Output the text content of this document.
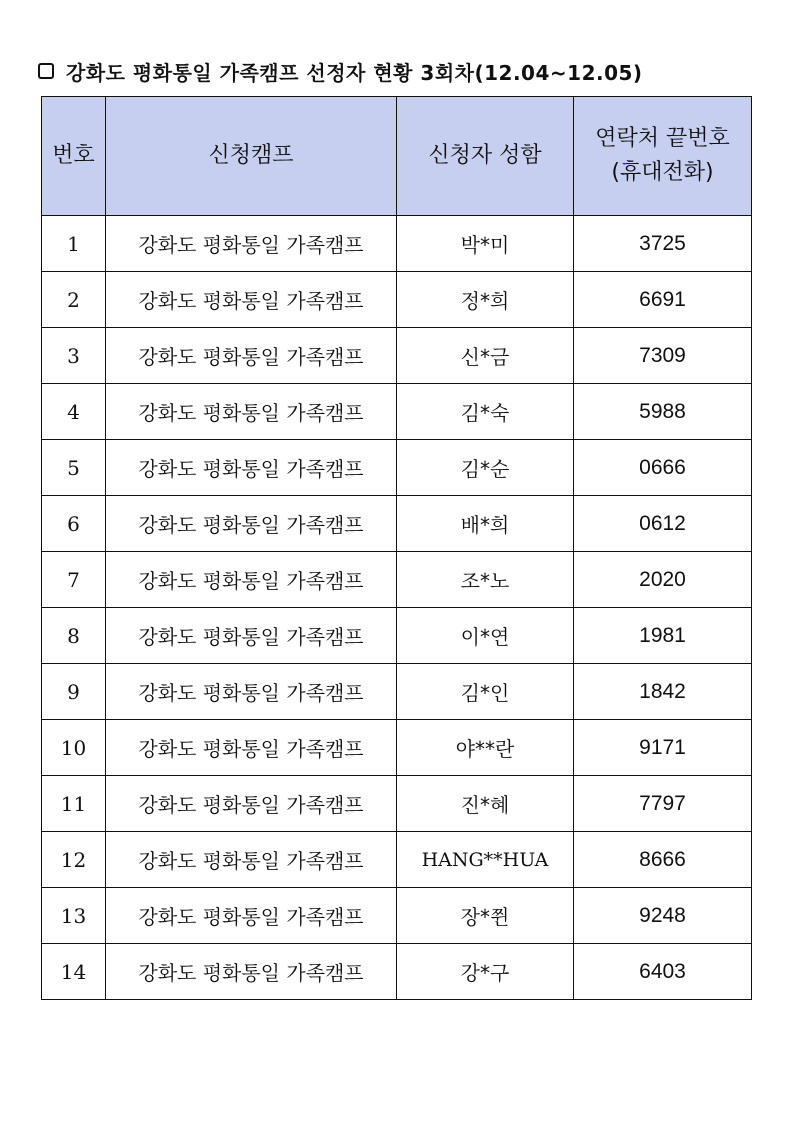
강화도 평화통일 가족캠프 선정자 현황 3회차(12.04~12.05)
번호	신청캠프	신청자 성함	연락처 끝번호
(휴대전화)

1	강화도 평화통일 가족캠프	박*미	3725
2	강화도 평화통일 가족캠프	정*희	6691
3	강화도 평화통일 가족캠프	신*금	7309
4	강화도 평화통일 가족캠프	김*숙	5988
5	강화도 평화통일 가족캠프	김*순	0666
6	강화도 평화통일 가족캠프	배*희	0612
7	강화도 평화통일 가족캠프	조*노	2020
8	강화도 평화통일 가족캠프	이*연	1981
9	강화도 평화통일 가족캠프	김*인	1842
10	강화도 평화통일 가족캠프	야**란	9171
11	강화도 평화통일 가족캠프	진*혜	7797
12	강화도 평화통일 가족캠프	HANG**HUA	8666
13	강화도 평화통일 가족캠프	장*쮠	9248
14	강화도 평화통일 가족캠프	강*구	6403
